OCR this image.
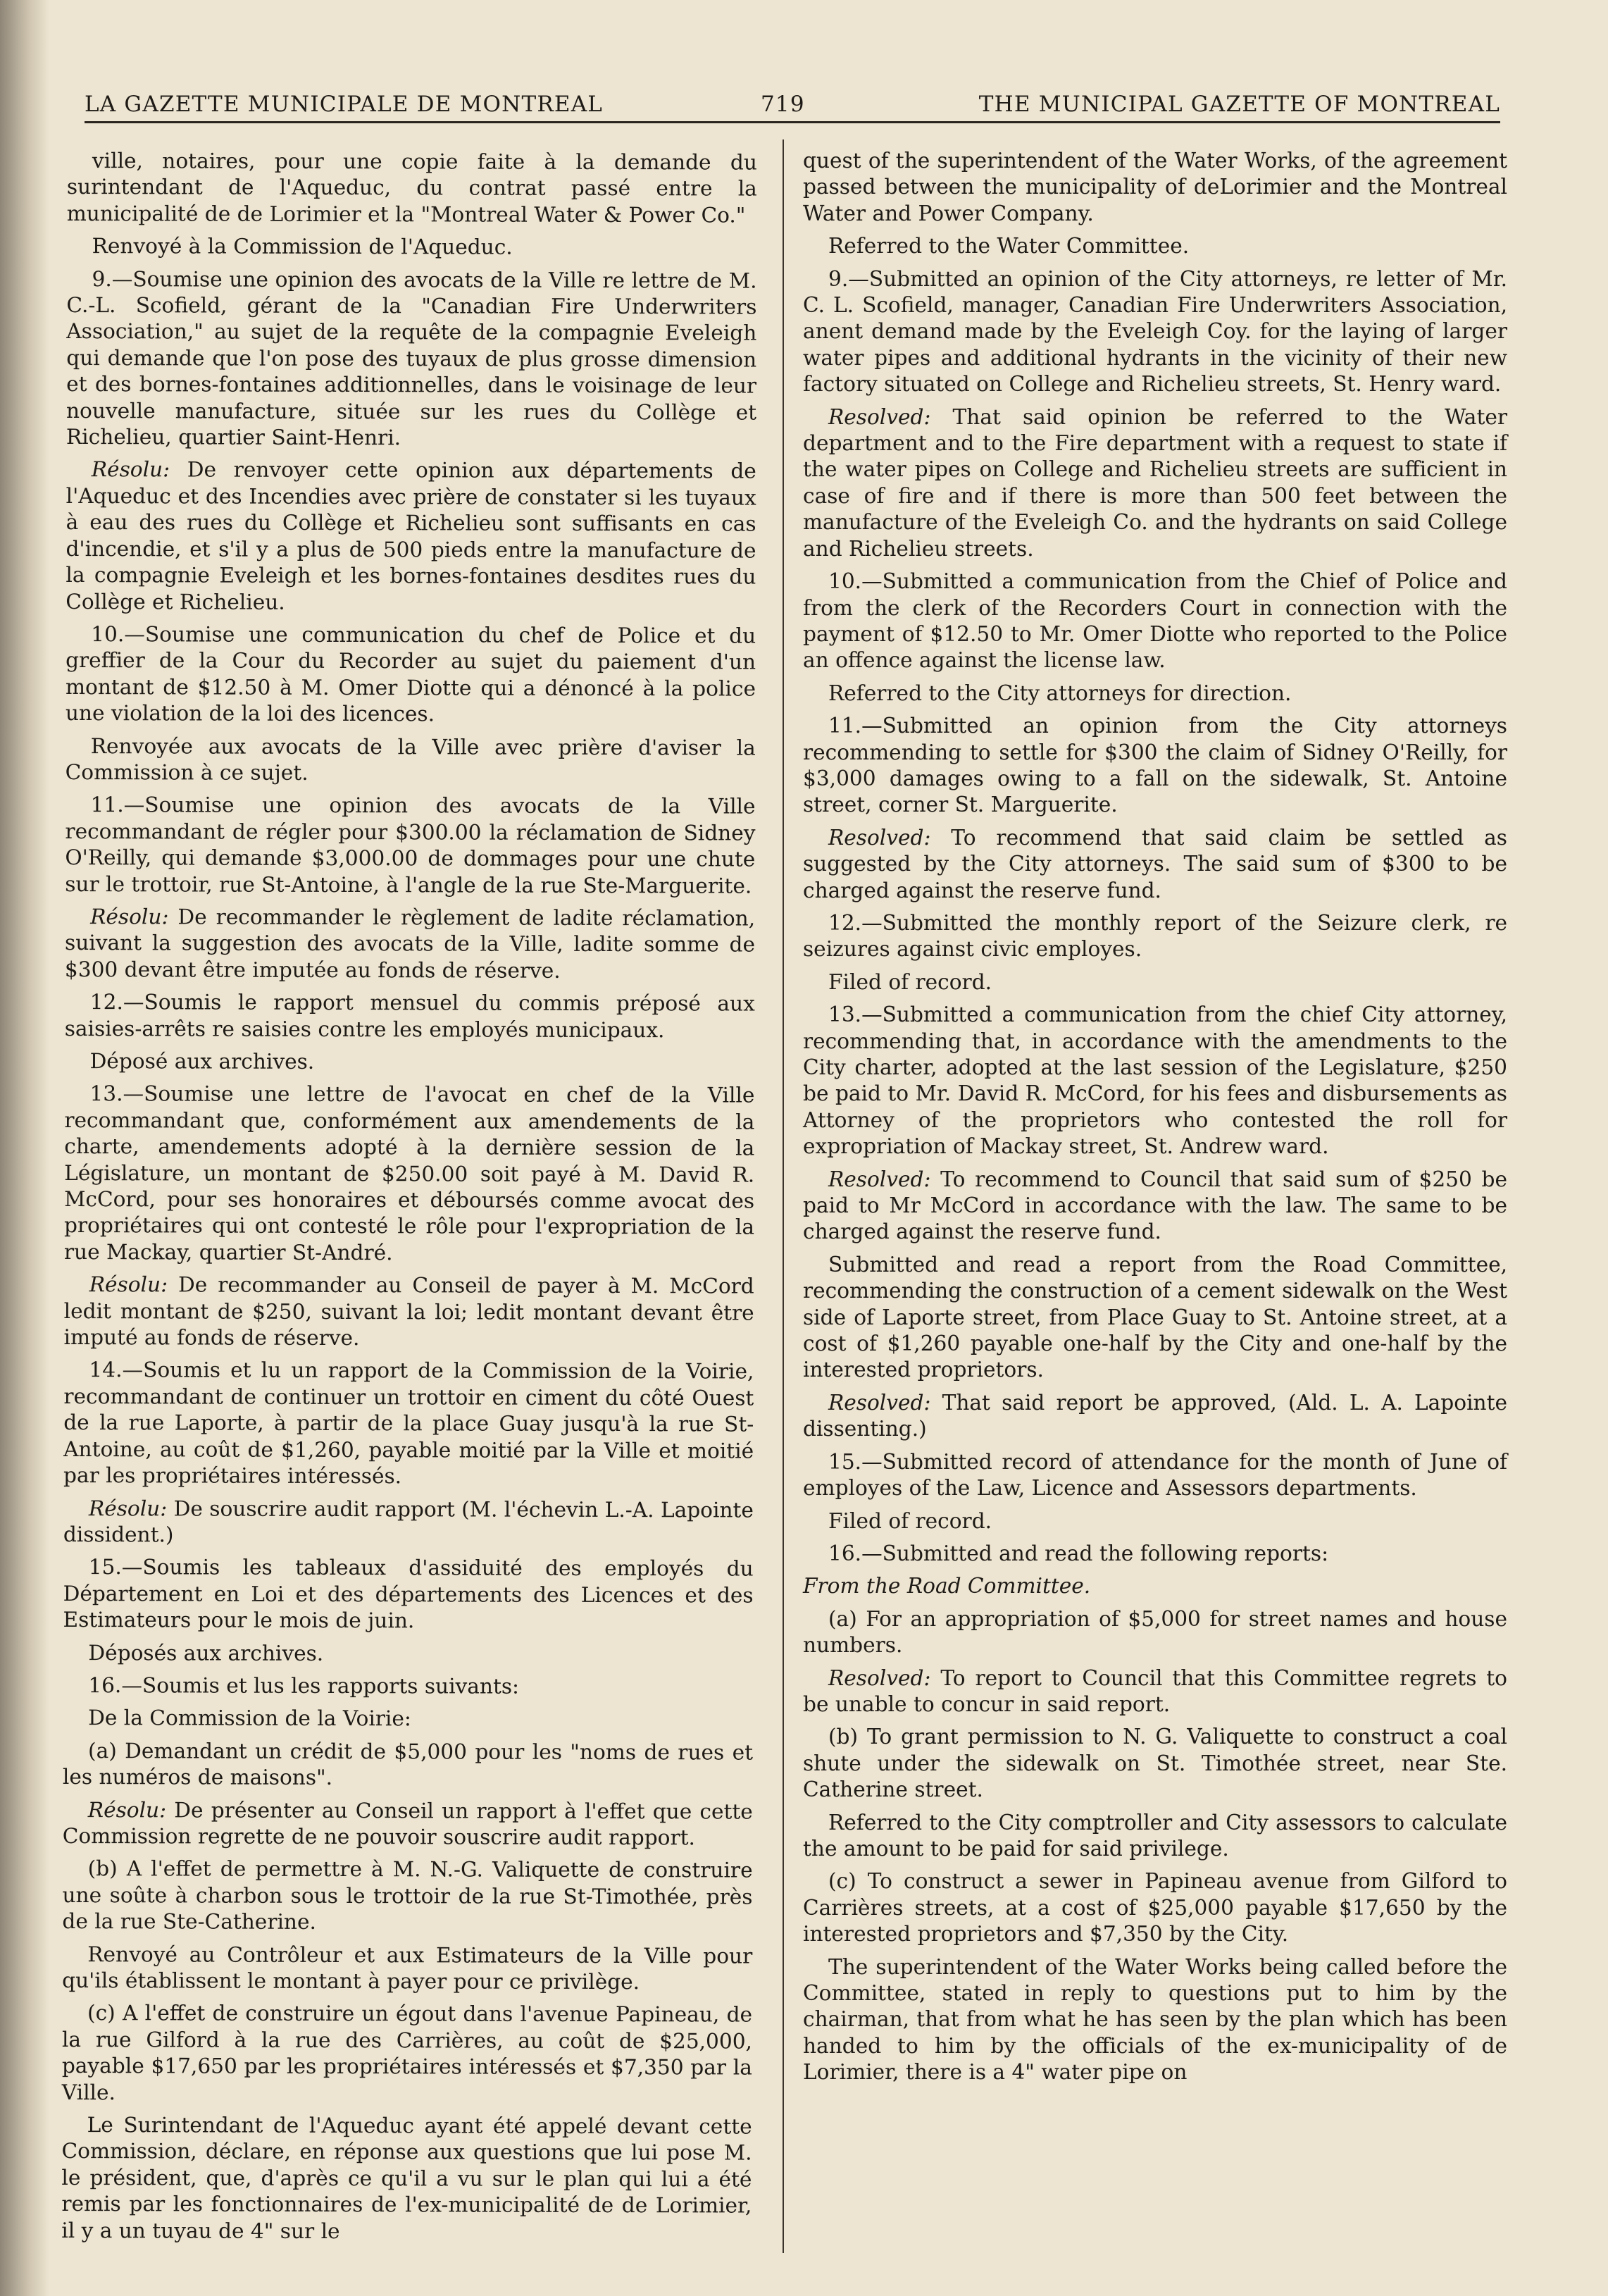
LA GAZETTE MUNICIPALE DE MONTREAL	719	THE MUNICIPAL GAZETTE OF MONTREAL

ville, notaires, pour une copie faite à la demande du surintendant de l'Aqueduc, du contrat passé entre la municipalité de de Lorimier et la "Montreal Water & Power Co."

Renvoyé à la Commission de l'Aqueduc.

9.—Soumise une opinion des avocats de la Ville re lettre de M. C.-L. Scofield, gérant de la "Canadian Fire Underwriters Association," au sujet de la requête de la compagnie Eveleigh qui demande que l'on pose des tuyaux de plus grosse dimension et des bornes-fontaines additionnelles, dans le voisinage de leur nouvelle manufacture, située sur les rues du Collège et Richelieu, quartier Saint-Henri.

Résolu: De renvoyer cette opinion aux départements de l'Aqueduc et des Incendies avec prière de constater si les tuyaux à eau des rues du Collège et Richelieu sont suffisants en cas d'incendie, et s'il y a plus de 500 pieds entre la manufacture de la compagnie Eveleigh et les bornes-fontaines desdites rues du Collège et Richelieu.

10.—Soumise une communication du chef de Police et du greffier de la Cour du Recorder au sujet du paiement d'un montant de $12.50 à M. Omer Diotte qui a dénoncé à la police une violation de la loi des licences.

Renvoyée aux avocats de la Ville avec prière d'aviser la Commission à ce sujet.

11.—Soumise une opinion des avocats de la Ville recommandant de régler pour $300.00 la réclamation de Sidney O'Reilly, qui demande $3,000.00 de dommages pour une chute sur le trottoir, rue St-Antoine, à l'angle de la rue Ste-Marguerite.

Résolu: De recommander le règlement de ladite réclamation, suivant la suggestion des avocats de la Ville, ladite somme de $300 devant être imputée au fonds de réserve.

12.—Soumis le rapport mensuel du commis préposé aux saisies-arrêts re saisies contre les employés municipaux.

Déposé aux archives.

13.—Soumise une lettre de l'avocat en chef de la Ville recommandant que, conformément aux amendements de la charte, amendements adopté à la dernière session de la Législature, un montant de $250.00 soit payé à M. David R. McCord, pour ses honoraires et déboursés comme avocat des propriétaires qui ont contesté le rôle pour l'expropriation de la rue Mackay, quartier St-André.

Résolu: De recommander au Conseil de payer à M. McCord ledit montant de $250, suivant la loi; ledit montant devant être imputé au fonds de réserve.

14.—Soumis et lu un rapport de la Commission de la Voirie, recommandant de continuer un trottoir en ciment du côté Ouest de la rue Laporte, à partir de la place Guay jusqu'à la rue St-Antoine, au coût de $1,260, payable moitié par la Ville et moitié par les propriétaires intéressés.

Résolu: De souscrire audit rapport (M. l'échevin L.-A. Lapointe dissident.)

15.—Soumis les tableaux d'assiduité des employés du Département en Loi et des départements des Licences et des Estimateurs pour le mois de juin.

Déposés aux archives.

16.—Soumis et lus les rapports suivants:

De la Commission de la Voirie:

(a) Demandant un crédit de $5,000 pour les "noms de rues et les numéros de maisons".

Résolu: De présenter au Conseil un rapport à l'effet que cette Commission regrette de ne pouvoir souscrire audit rapport.

(b) A l'effet de permettre à M. N.-G. Valiquette de construire une soûte à charbon sous le trottoir de la rue St-Timothée, près de la rue Ste-Catherine.

Renvoyé au Contrôleur et aux Estimateurs de la Ville pour qu'ils établissent le montant à payer pour ce privilège.

(c) A l'effet de construire un égout dans l'avenue Papineau, de la rue Gilford à la rue des Carrières, au coût de $25,000, payable $17,650 par les propriétaires intéressés et $7,350 par la Ville.

Le Surintendant de l'Aqueduc ayant été appelé devant cette Commission, déclare, en réponse aux questions que lui pose M. le président, que, d'après ce qu'il a vu sur le plan qui lui a été remis par les fonctionnaires de l'ex-municipalité de de Lorimier, il y a un tuyau de 4" sur le

quest of the superintendent of the Water Works, of the agreement passed between the municipality of deLorimier and the Montreal Water and Power Company.

Referred to the Water Committee.

9.—Submitted an opinion of the City attorneys, re letter of Mr. C. L. Scofield, manager, Canadian Fire Underwriters Association, anent demand made by the Eveleigh Coy. for the laying of larger water pipes and additional hydrants in the vicinity of their new factory situated on College and Richelieu streets, St. Henry ward.

Resolved: That said opinion be referred to the Water department and to the Fire department with a request to state if the water pipes on College and Richelieu streets are sufficient in case of fire and if there is more than 500 feet between the manufacture of the Eveleigh Co. and the hydrants on said College and Richelieu streets.

10.—Submitted a communication from the Chief of Police and from the clerk of the Recorders Court in connection with the payment of $12.50 to Mr. Omer Diotte who reported to the Police an offence against the license law.

Referred to the City attorneys for direction.

11.—Submitted an opinion from the City attorneys recommending to settle for $300 the claim of Sidney O'Reilly, for $3,000 damages owing to a fall on the sidewalk, St. Antoine street, corner St. Marguerite.

Resolved: To recommend that said claim be settled as suggested by the City attorneys. The said sum of $300 to be charged against the reserve fund.

12.—Submitted the monthly report of the Seizure clerk, re seizures against civic employes.

Filed of record.

13.—Submitted a communication from the chief City attorney, recommending that, in accordance with the amendments to the City charter, adopted at the last session of the Legislature, $250 be paid to Mr. David R. McCord, for his fees and disbursements as Attorney of the proprietors who contested the roll for expropriation of Mackay street, St. Andrew ward.

Resolved: To recommend to Council that said sum of $250 be paid to Mr McCord in accordance with the law. The same to be charged against the reserve fund.

Submitted and read a report from the Road Committee, recommending the construction of a cement sidewalk on the West side of Laporte street, from Place Guay to St. Antoine street, at a cost of $1,260 payable one-half by the City and one-half by the interested proprietors.

Resolved: That said report be approved, (Ald. L. A. Lapointe dissenting.)

15.—Submitted record of attendance for the month of June of employes of the Law, Licence and Assessors departments.

Filed of record.

16.—Submitted and read the following reports:

From the Road Committee.

(a) For an appropriation of $5,000 for street names and house numbers.

Resolved: To report to Council that this Committee regrets to be unable to concur in said report.

(b) To grant permission to N. G. Valiquette to construct a coal shute under the sidewalk on St. Timothée street, near Ste. Catherine street.

Referred to the City comptroller and City assessors to calculate the amount to be paid for said privilege.

(c) To construct a sewer in Papineau avenue from Gilford to Carrières streets, at a cost of $25,000 payable $17,650 by the interested proprietors and $7,350 by the City.

The superintendent of the Water Works being called before the Committee, stated in reply to questions put to him by the chairman, that from what he has seen by the plan which has been handed to him by the officials of the ex-municipality of de Lorimier, there is a 4" water pipe on
